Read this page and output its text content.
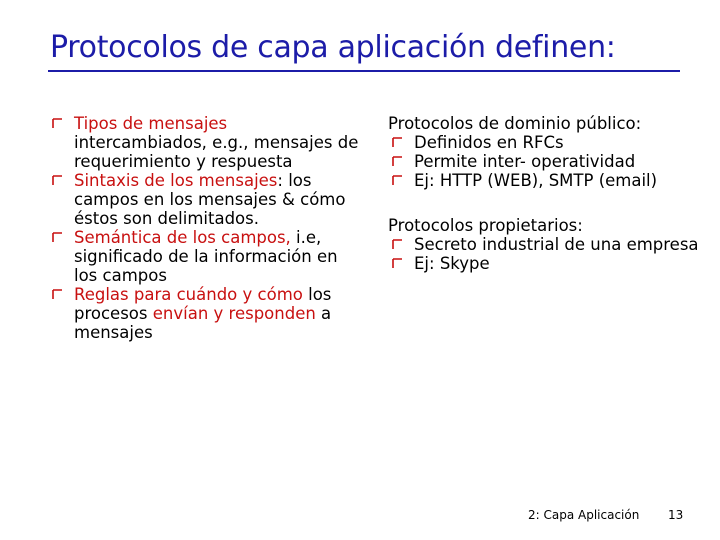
Protocolos de capa aplicación definen:
Tipos de mensajes intercambiados, e.g., mensajes de requerimiento y respuesta
Sintaxis de los mensajes: los campos en los mensajes & cómo éstos son delimitados.
Semántica de los campos, i.e, significado de la información en los campos
Reglas para cuándo y cómo los procesos envían y responden a mensajes
Protocolos de dominio público:
Definidos en RFCs
Permite inter- operatividad
Ej: HTTP (WEB), SMTP (email)
Protocolos propietarios:
Secreto industrial de una empresa
Ej: Skype
2: Capa Aplicación 13
